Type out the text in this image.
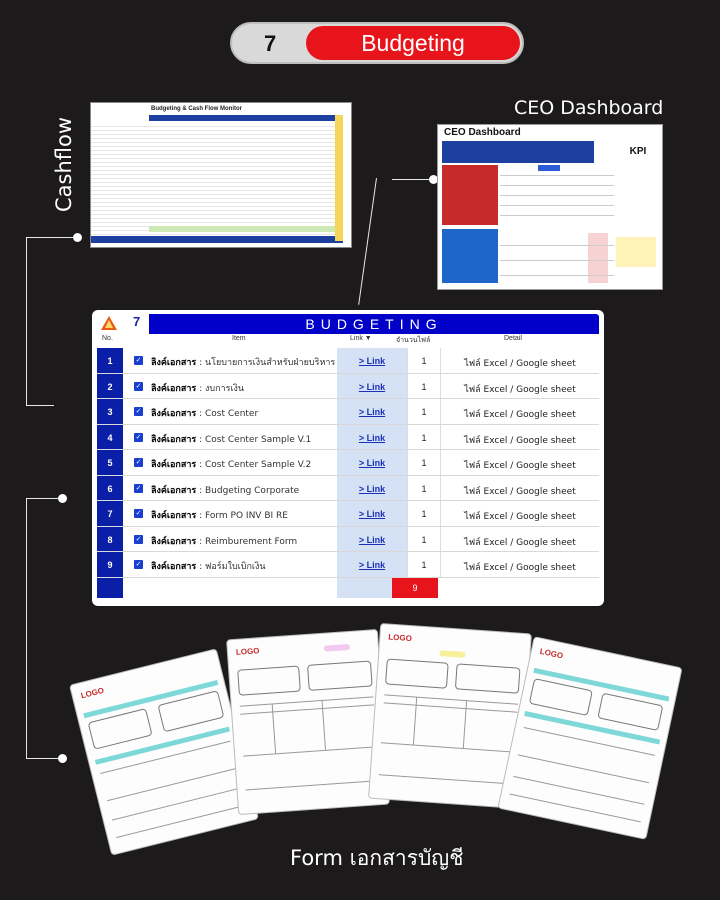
7	Budgeting
Cashflow
CEO Dashboard
Form เอกสารบัญชี
Budgeting & Cash Flow Monitor
CEO Dashboard
KPI
7	BUDGETING
No.	Item	Link ▼	จำนวนไฟล์	Detail
1	✓ ลิงค์เอกสาร : นโยบายการเงินสำหรับฝ่ายบริหาร	> Link	1	ไฟล์ Excel / Google sheet
2	✓ ลิงค์เอกสาร : งบการเงิน	> Link	1	ไฟล์ Excel / Google sheet
3	✓ ลิงค์เอกสาร : Cost Center	> Link	1	ไฟล์ Excel / Google sheet
4	✓ ลิงค์เอกสาร : Cost Center Sample V.1	> Link	1	ไฟล์ Excel / Google sheet
5	✓ ลิงค์เอกสาร : Cost Center Sample V.2	> Link	1	ไฟล์ Excel / Google sheet
6	✓ ลิงค์เอกสาร : Budgeting Corporate	> Link	1	ไฟล์ Excel / Google sheet
7	✓ ลิงค์เอกสาร : Form PO INV BI RE	> Link	1	ไฟล์ Excel / Google sheet
8	✓ ลิงค์เอกสาร : Reimburement Form	> Link	1	ไฟล์ Excel / Google sheet
9	✓ ลิงค์เอกสาร : ฟอร์มใบเบิกเงิน	> Link	1	ไฟล์ Excel / Google sheet
9
LOGO
LOGO
LOGO
LOGO
